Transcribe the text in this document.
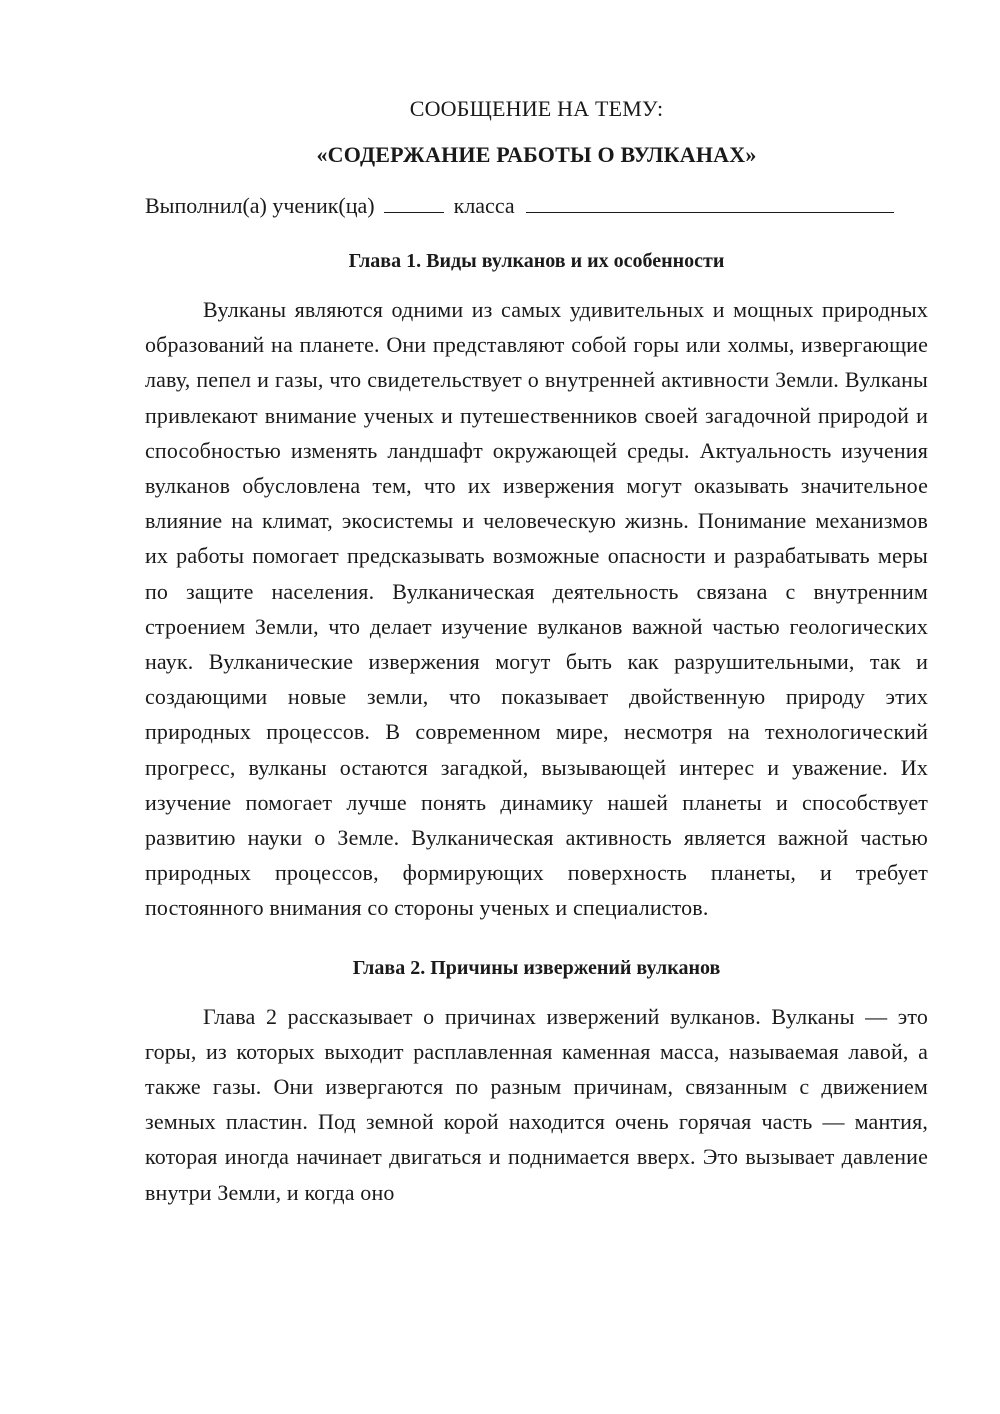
СООБЩЕНИЕ НА ТЕМУ:

«СОДЕРЖАНИЕ РАБОТЫ О ВУЛКАНАХ»

Выполнил(а) ученик(ца)	класса
Глава 1. Виды вулканов и их особенности

Вулканы являются одними из самых удивительных и мощных природных образований на планете. Они представляют собой горы или холмы, извергающие лаву, пепел и газы, что свидетельствует о внутренней активности Земли. Вулканы привлекают внимание ученых и путешественников своей загадочной природой и способностью изменять ландшафт окружающей среды. Актуальность изучения вулканов обусловлена тем, что их извержения могут оказывать значительное влияние на климат, экосистемы и человеческую жизнь. Понимание механизмов их работы помогает предсказывать возможные опасности и разрабатывать меры по защите населения. Вулканическая деятельность связана с внутренним строением Земли, что делает изучение вулканов важной частью геологических наук. Вулканические извержения могут быть как разрушительными, так и создающими новые земли, что показывает двойственную природу этих природных процессов. В современном мире, несмотря на технологический прогресс, вулканы остаются загадкой, вызывающей интерес и уважение. Их изучение помогает лучше понять динамику нашей планеты и способствует развитию науки о Земле. Вулканическая активность является важной частью природных процессов, формирующих поверхность планеты, и требует постоянного внимания со стороны ученых и специалистов.

Глава 2. Причины извержений вулканов

Глава 2 рассказывает о причинах извержений вулканов. Вулканы — это горы, из которых выходит расплавленная каменная масса, называемая лавой, а также газы. Они извергаются по разным причинам, связанным с движением земных пластин. Под земной корой находится очень горячая часть — мантия, которая иногда начинает двигаться и поднимается вверх. Это вызывает давление внутри Земли, и когда оно
